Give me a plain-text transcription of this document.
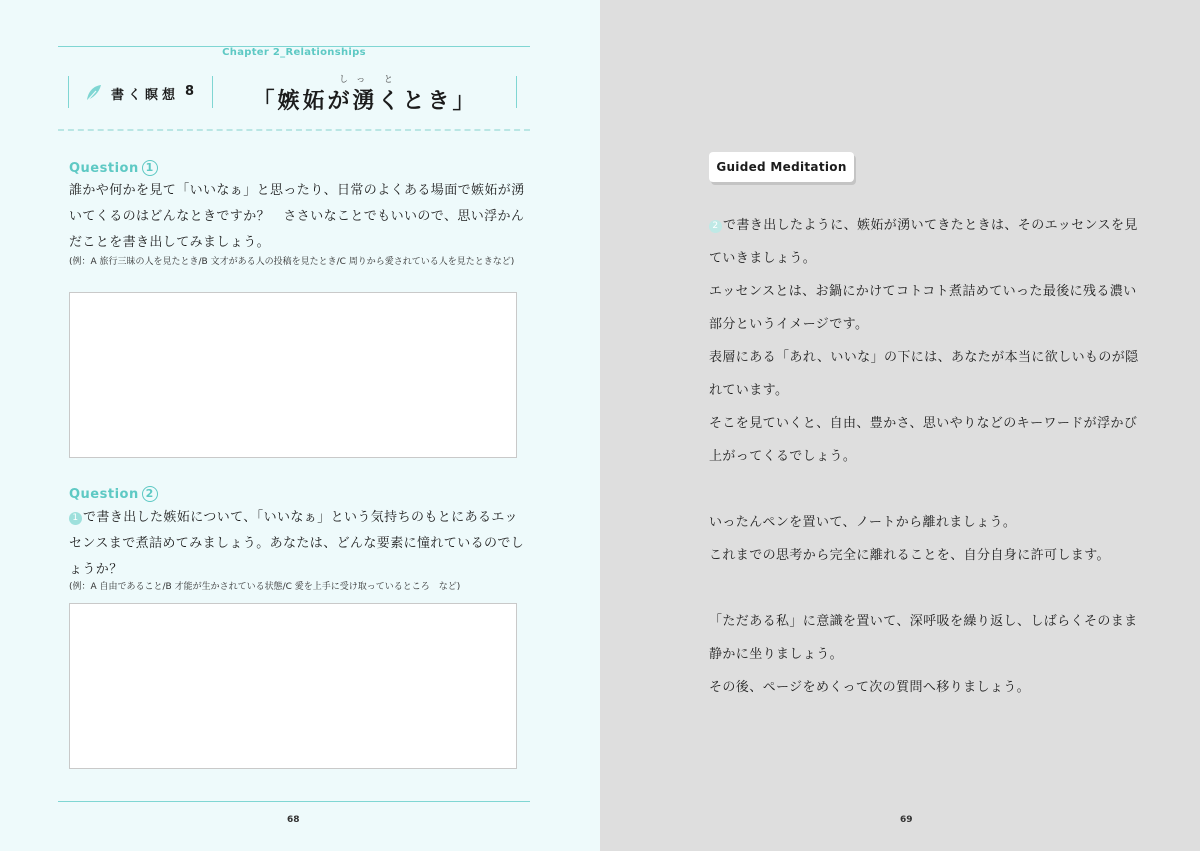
Chapter 2_Relationships
書く瞑想 8
しっ と
「嫉妬が湧くとき」
Question 1
誰かや何かを見て「いいなぁ」と思ったり、日常のよくある場面で嫉妬が湧いてくるのはどんなときですか？　ささいなことでもいいので、思い浮かんだことを書き出してみましょう。
(例：A 旅行三昧の人を見たとき/B 文才がある人の投稿を見たとき/C 周りから愛されている人を見たときなど)
Question 2
1 で書き出した嫉妬について、「いいなぁ」という気持ちのもとにあるエッセンスまで煮詰めてみましょう。あなたは、どんな要素に憧れているのでしょうか？
(例：A 自由であること/B 才能が生かされている状態/C 愛を上手に受け取っているところ　など)
68
Guided Meditation

2 で書き出したように、嫉妬が湧いてきたときは、そのエッセンスを見ていきましょう。

エッセンスとは、お鍋にかけてコトコト煮詰めていった最後に残る濃い部分というイメージです。

表層にある「あれ、いいな」の下には、あなたが本当に欲しいものが隠れています。

そこを見ていくと、自由、豊かさ、思いやりなどのキーワードが浮かび上がってくるでしょう。

いったんペンを置いて、ノートから離れましょう。

これまでの思考から完全に離れることを、自分自身に許可します。

「ただある私」に意識を置いて、深呼吸を繰り返し、しばらくそのまま静かに坐りましょう。

その後、ページをめくって次の質問へ移りましょう。

69
